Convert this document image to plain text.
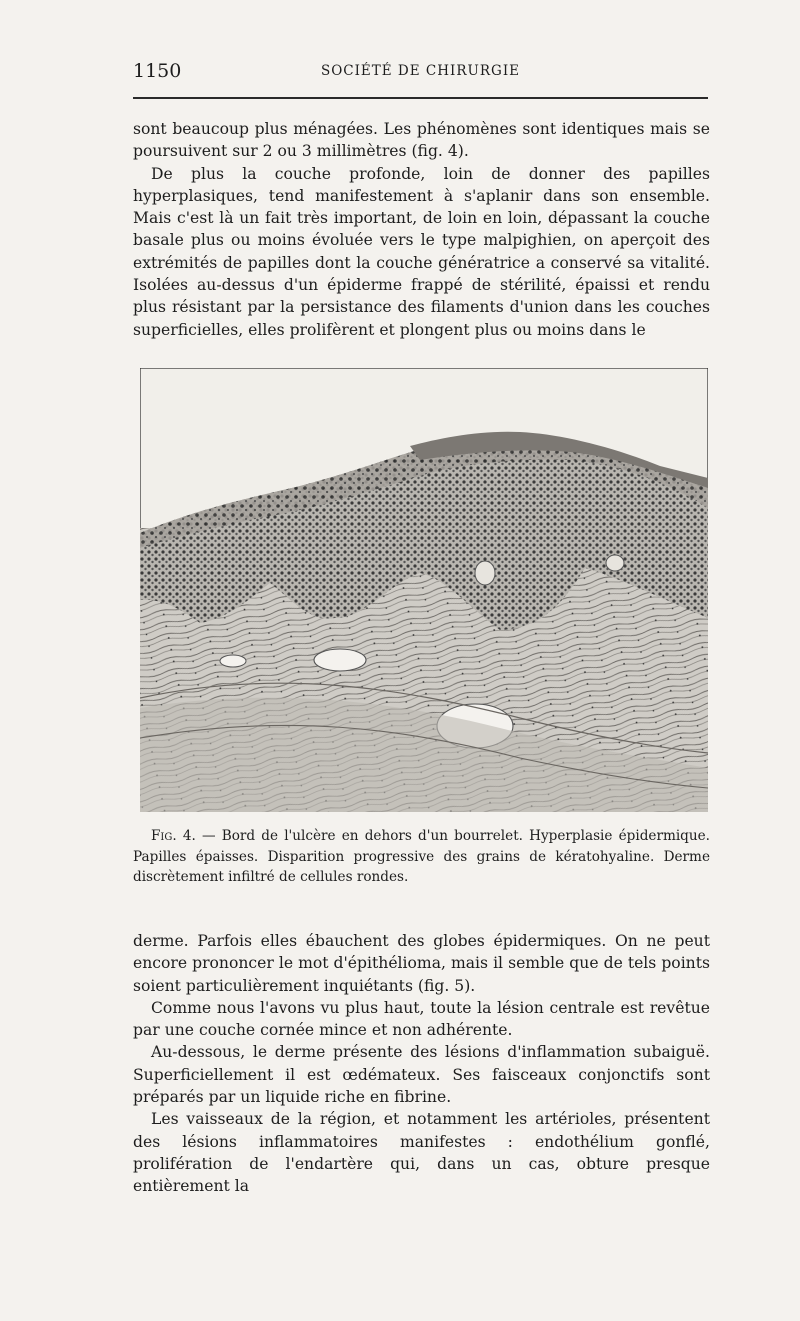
1150	SOCIÉTÉ DE CHIRURGIE

sont beaucoup plus ménagées. Les phénomènes sont identiques mais se poursuivent sur 2 ou 3 millimètres (fig. 4).

De plus la couche profonde, loin de donner des papilles hyperplasiques, tend manifestement à s'aplanir dans son ensemble. Mais c'est là un fait très important, de loin en loin, dépassant la couche basale plus ou moins évoluée vers le type malpighien, on aperçoit des extrémités de papilles dont la couche génératrice a conservé sa vitalité. Isolées au-dessus d'un épiderme frappé de stérilité, épaissi et rendu plus résistant par la persistance des filaments d'union dans les couches superficielles, elles prolifèrent et plongent plus ou moins dans le

Fig. 4. — Bord de l'ulcère en dehors d'un bourrelet. Hyperplasie épidermique. Papilles épaisses. Disparition progressive des grains de kératohyaline. Derme discrètement infiltré de cellules rondes.

derme. Parfois elles ébauchent des globes épidermiques. On ne peut encore prononcer le mot d'épithélioma, mais il semble que de tels points soient particulièrement inquiétants (fig. 5).

Comme nous l'avons vu plus haut, toute la lésion centrale est revêtue par une couche cornée mince et non adhérente.

Au-dessous, le derme présente des lésions d'inflammation subaiguë. Superficiellement il est œdémateux. Ses faisceaux conjonctifs sont préparés par un liquide riche en fibrine.

Les vaisseaux de la région, et notamment les artérioles, présentent des lésions inflammatoires manifestes : endothélium gonflé, prolifération de l'endartère qui, dans un cas, obture presque entièrement la
